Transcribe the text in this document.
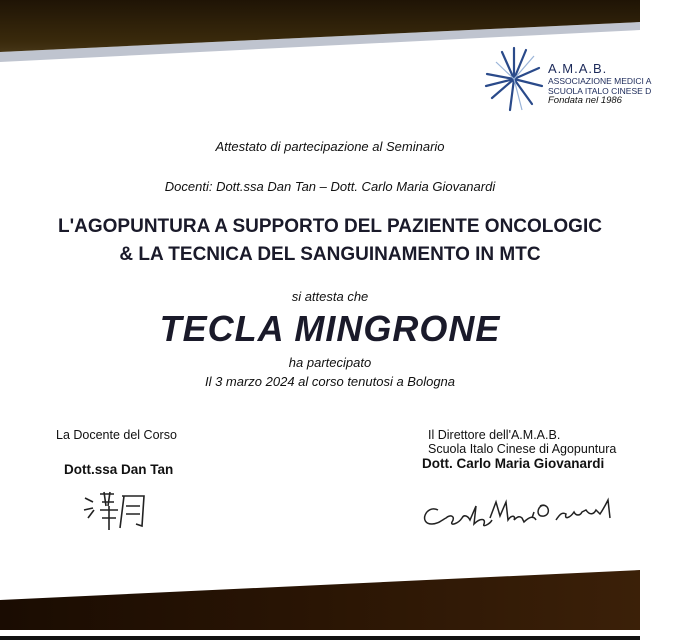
A.M.A.B.
ASSOCIAZIONE MEDICI A
SCUOLA ITALO CINESE D
Fondata nel 1986
Attestato di partecipazione al Seminario
Docenti: Dott.ssa Dan Tan – Dott. Carlo Maria Giovanardi
L'AGOPUNTURA A SUPPORTO DEL PAZIENTE ONCOLOGIC
& LA TECNICA DEL SANGUINAMENTO IN MTC
si attesta che
TECLA MINGRONE
ha partecipato
Il 3 marzo 2024 al corso tenutosi a Bologna
La Docente del Corso
Dott.ssa Dan Tan
Il Direttore dell'A.M.A.B.
Scuola Italo Cinese di Agopuntura
Dott. Carlo Maria Giovanardi
